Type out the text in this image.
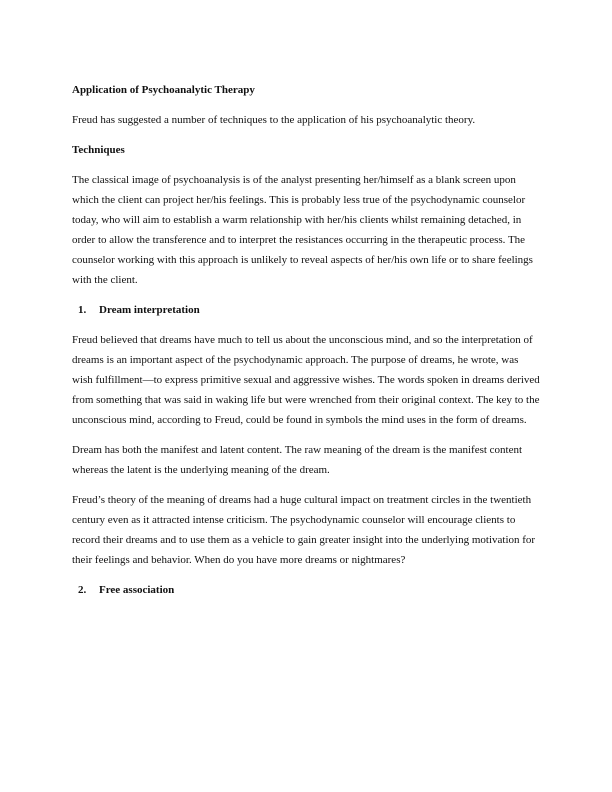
Application of Psychoanalytic Therapy

Freud has suggested a number of techniques to the application of his psychoanalytic theory.

Techniques

The classical image of psychoanalysis is of the analyst presenting her/himself as a blank screen upon which the client can project her/his feelings. This is probably less true of the psychodynamic counselor today, who will aim to establish a warm relationship with her/his clients whilst remaining detached, in order to allow the transference and to interpret the resistances occurring in the therapeutic process. The counselor working with this approach is unlikely to reveal aspects of her/his own life or to share feelings with the client.

1.	Dream interpretation

Freud believed that dreams have much to tell us about the unconscious mind, and so the interpretation of dreams is an important aspect of the psychodynamic approach. The purpose of dreams, he wrote, was wish fulfillment—to express primitive sexual and aggressive wishes. The words spoken in dreams derived from something that was said in waking life but were wrenched from their original context. The key to the unconscious mind, according to Freud, could be found in symbols the mind uses in the form of dreams.

Dream has both the manifest and latent content. The raw meaning of the dream is the manifest content whereas the latent is the underlying meaning of the dream.

Freud’s theory of the meaning of dreams had a huge cultural impact on treatment circles in the twentieth century even as it attracted intense criticism. The psychodynamic counselor will encourage clients to record their dreams and to use them as a vehicle to gain greater insight into the underlying motivation for their feelings and behavior. When do you have more dreams or nightmares?

2.	Free association
